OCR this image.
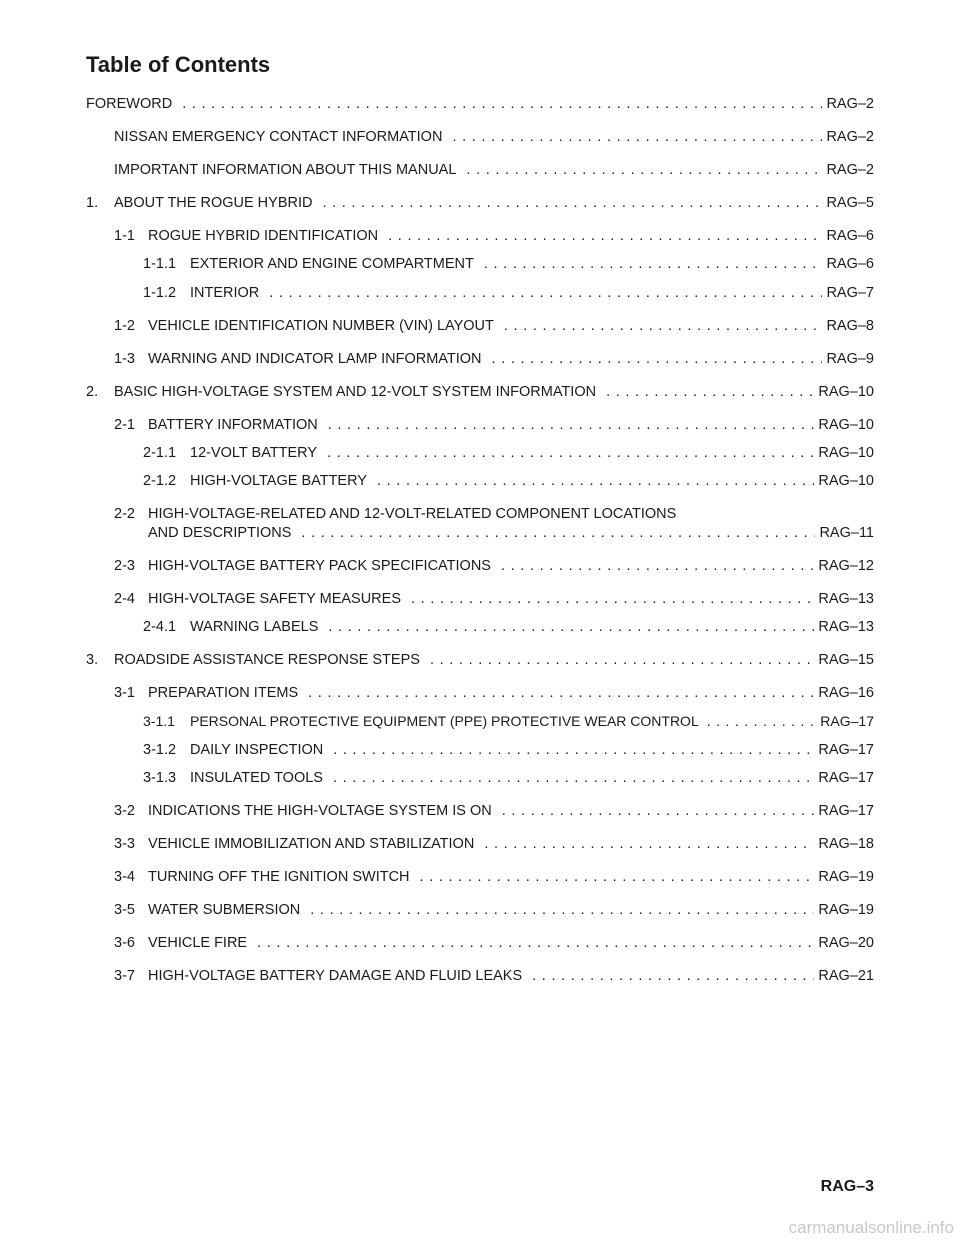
Table of Contents
FOREWORD . . .	RAG–2
NISSAN EMERGENCY CONTACT INFORMATION . . .	RAG–2
IMPORTANT INFORMATION ABOUT THIS MANUAL . . .	RAG–2
1.	ABOUT THE ROGUE HYBRID . . .	RAG–5
1-1 ROGUE HYBRID IDENTIFICATION . . .	RAG–6
1-1.1 EXTERIOR AND ENGINE COMPARTMENT . . .	RAG–6
1-1.2 INTERIOR . . .	RAG–7
1-2 VEHICLE IDENTIFICATION NUMBER (VIN) LAYOUT . . .	RAG–8
1-3 WARNING AND INDICATOR LAMP INFORMATION . . .	RAG–9
2.	BASIC HIGH-VOLTAGE SYSTEM AND 12-VOLT SYSTEM INFORMATION . . .	RAG–10
2-1 BATTERY INFORMATION . . .	RAG–10
2-1.1 12-VOLT BATTERY . . .	RAG–10
2-1.2 HIGH-VOLTAGE BATTERY . . .	RAG–10
2-2 HIGH-VOLTAGE-RELATED AND 12-VOLT-RELATED COMPONENT LOCATIONS
AND DESCRIPTIONS . . .	RAG–11
2-3 HIGH-VOLTAGE BATTERY PACK SPECIFICATIONS . . .	RAG–12
2-4 HIGH-VOLTAGE SAFETY MEASURES . . .	RAG–13
2-4.1 WARNING LABELS . . .	RAG–13
3.	ROADSIDE ASSISTANCE RESPONSE STEPS . . .	RAG–15
3-1 PREPARATION ITEMS . . .	RAG–16
3-1.1	PERSONAL PROTECTIVE EQUIPMENT (PPE) PROTECTIVE WEAR CONTROL . . .	RAG–17
3-1.2 DAILY INSPECTION . . .	RAG–17
3-1.3 INSULATED TOOLS . . .	RAG–17
3-2 INDICATIONS THE HIGH-VOLTAGE SYSTEM IS ON . . .	RAG–17
3-3 VEHICLE IMMOBILIZATION AND STABILIZATION . . .	RAG–18
3-4 TURNING OFF THE IGNITION SWITCH . . .	RAG–19
3-5 WATER SUBMERSION . . .	RAG–19
3-6 VEHICLE FIRE . . .	RAG–20
3-7 HIGH-VOLTAGE BATTERY DAMAGE AND FLUID LEAKS . . .	RAG–21
RAG–3
carmanualsonline.info
